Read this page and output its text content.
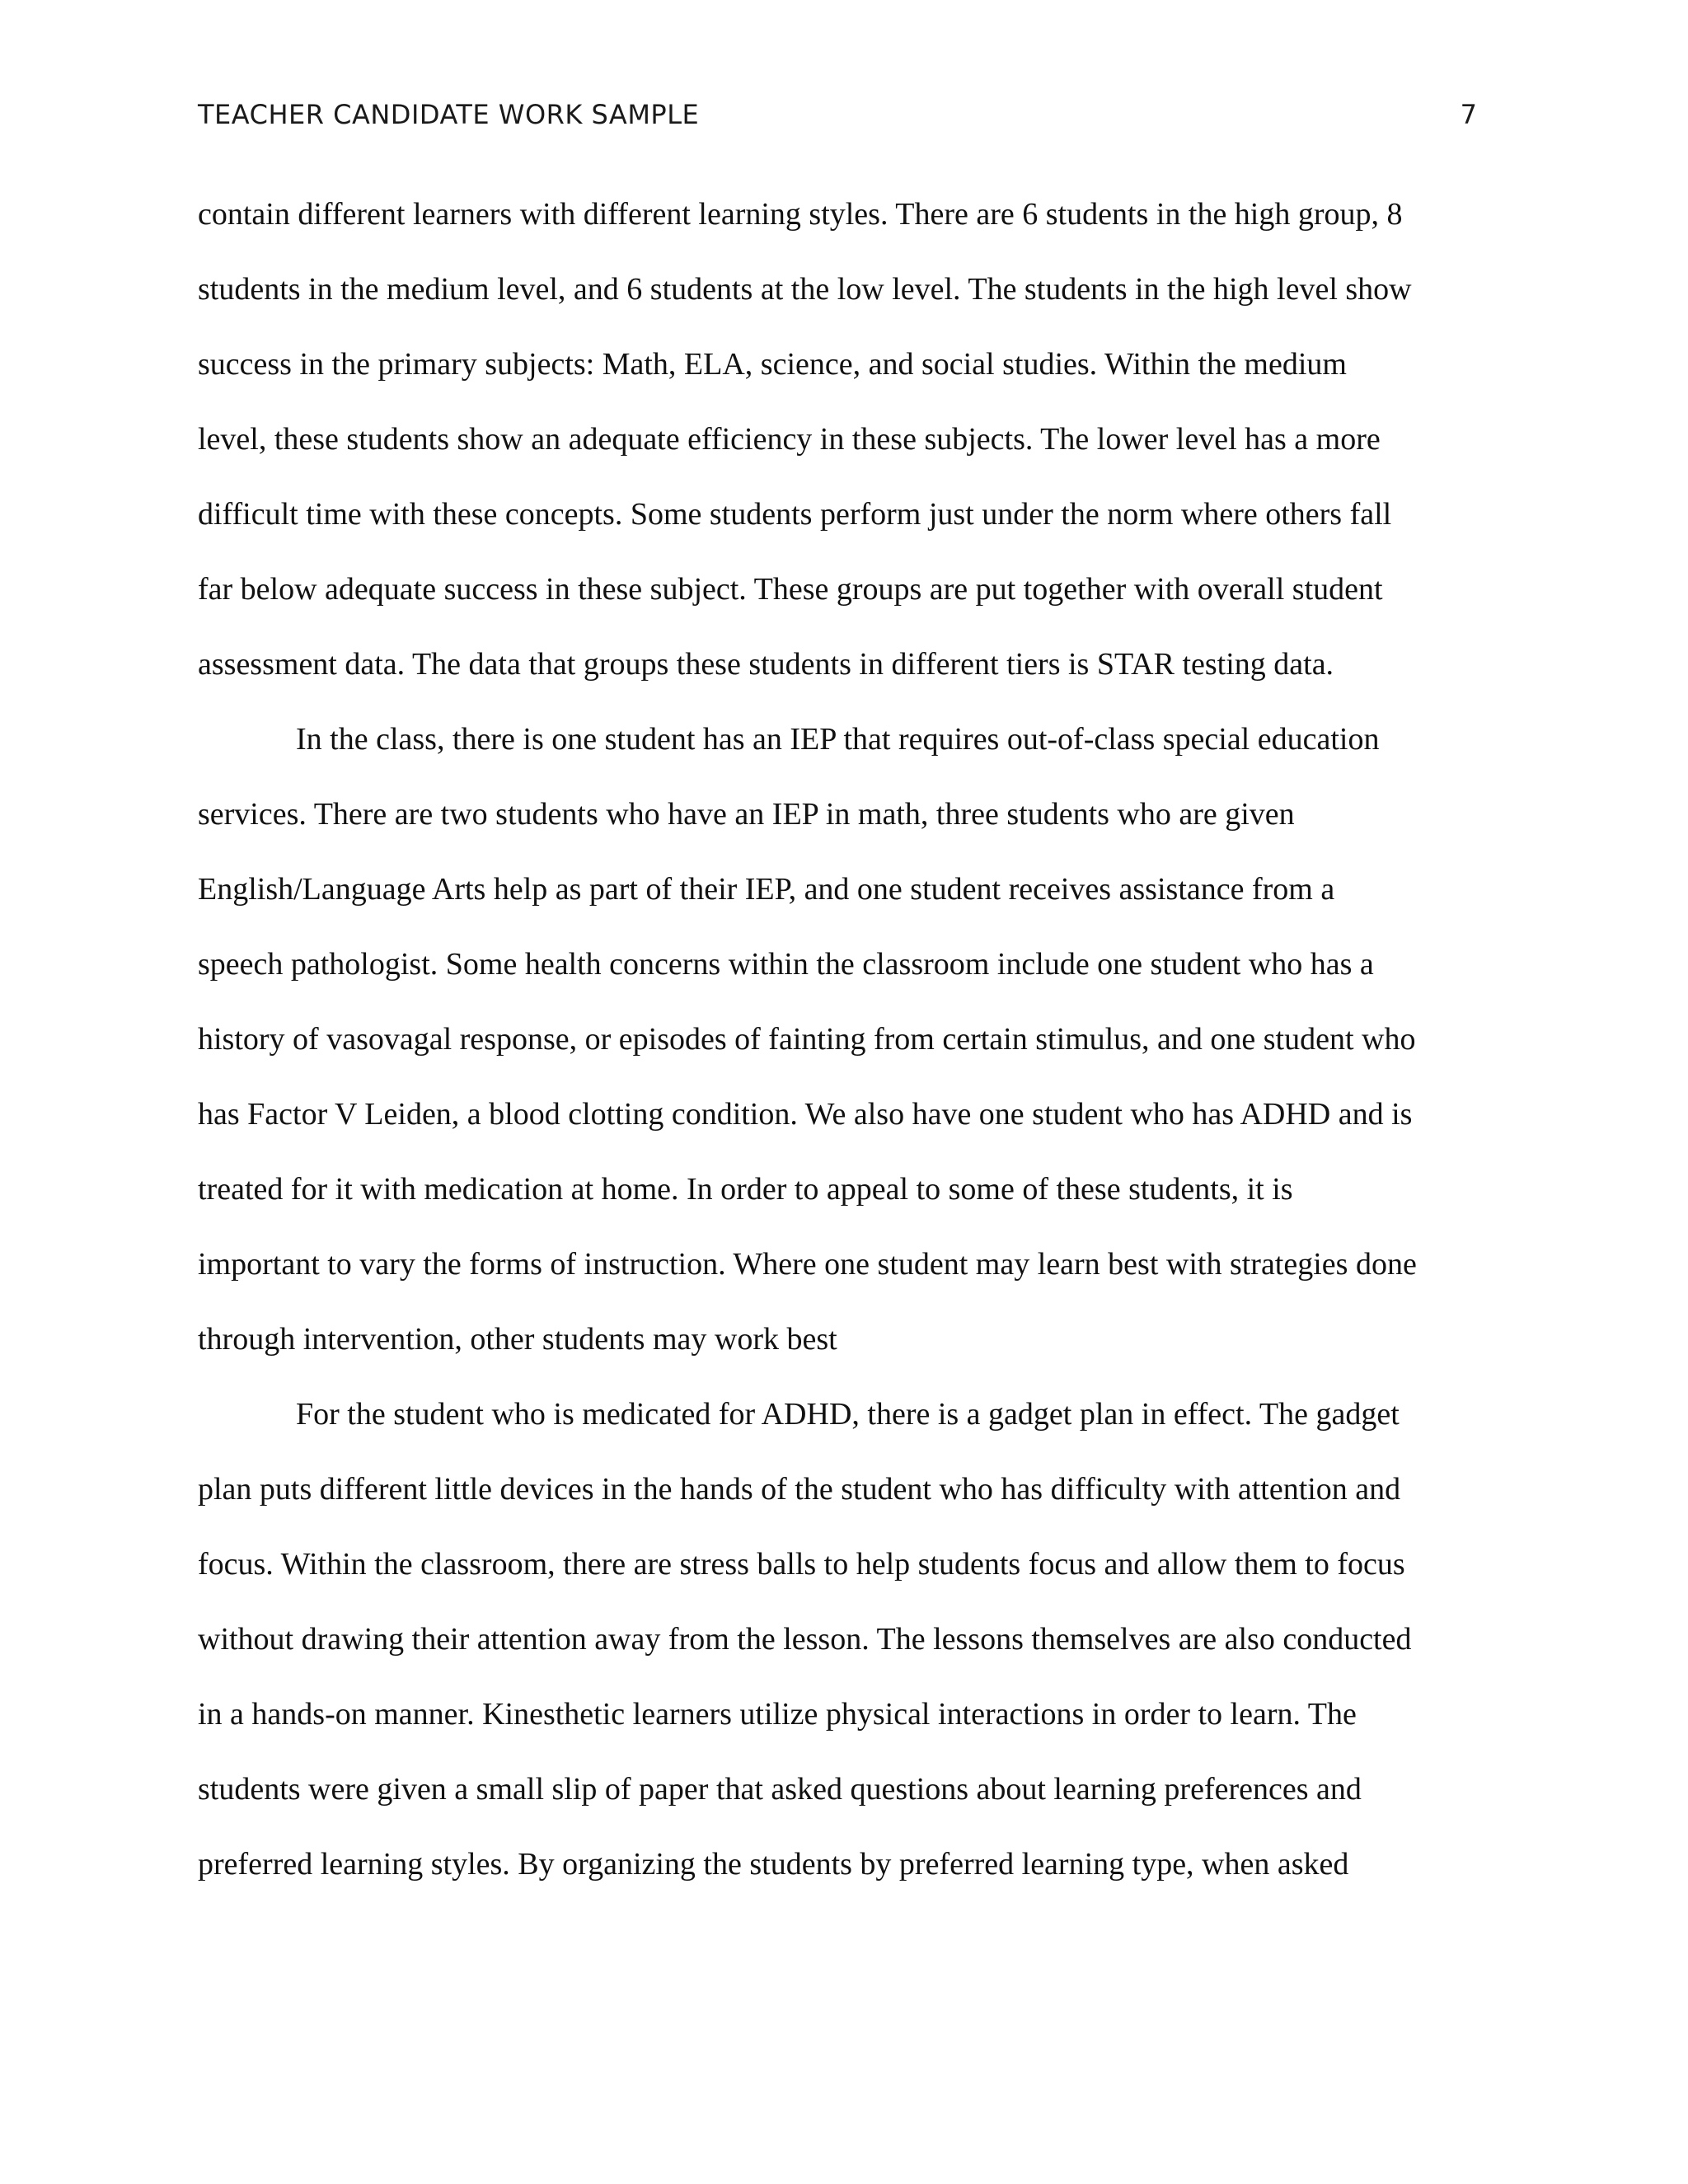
TEACHER CANDIDATE WORK SAMPLE	7
contain different learners with different learning styles. There are 6 students in the high group, 8
students in the medium level, and 6 students at the low level. The students in the high level show
success in the primary subjects: Math, ELA, science, and social studies. Within the medium
level, these students show an adequate efficiency in these subjects. The lower level has a more
difficult time with these concepts. Some students perform just under the norm where others fall
far below adequate success in these subject. These groups are put together with overall student
assessment data. The data that groups these students in different tiers is STAR testing data.
In the class, there is one student has an IEP that requires out-of-class special education
services. There are two students who have an IEP in math, three students who are given
English/Language Arts help as part of their IEP, and one student receives assistance from a
speech pathologist. Some health concerns within the classroom include one student who has a
history of vasovagal response, or episodes of fainting from certain stimulus, and one student who
has Factor V Leiden, a blood clotting condition. We also have one student who has ADHD and is
treated for it with medication at home. In order to appeal to some of these students, it is
important to vary the forms of instruction. Where one student may learn best with strategies done
through intervention, other students may work best
For the student who is medicated for ADHD, there is a gadget plan in effect. The gadget
plan puts different little devices in the hands of the student who has difficulty with attention and
focus. Within the classroom, there are stress balls to help students focus and allow them to focus
without drawing their attention away from the lesson. The lessons themselves are also conducted
in a hands-on manner. Kinesthetic learners utilize physical interactions in order to learn. The
students were given a small slip of paper that asked questions about learning preferences and
preferred learning styles. By organizing the students by preferred learning type, when asked
